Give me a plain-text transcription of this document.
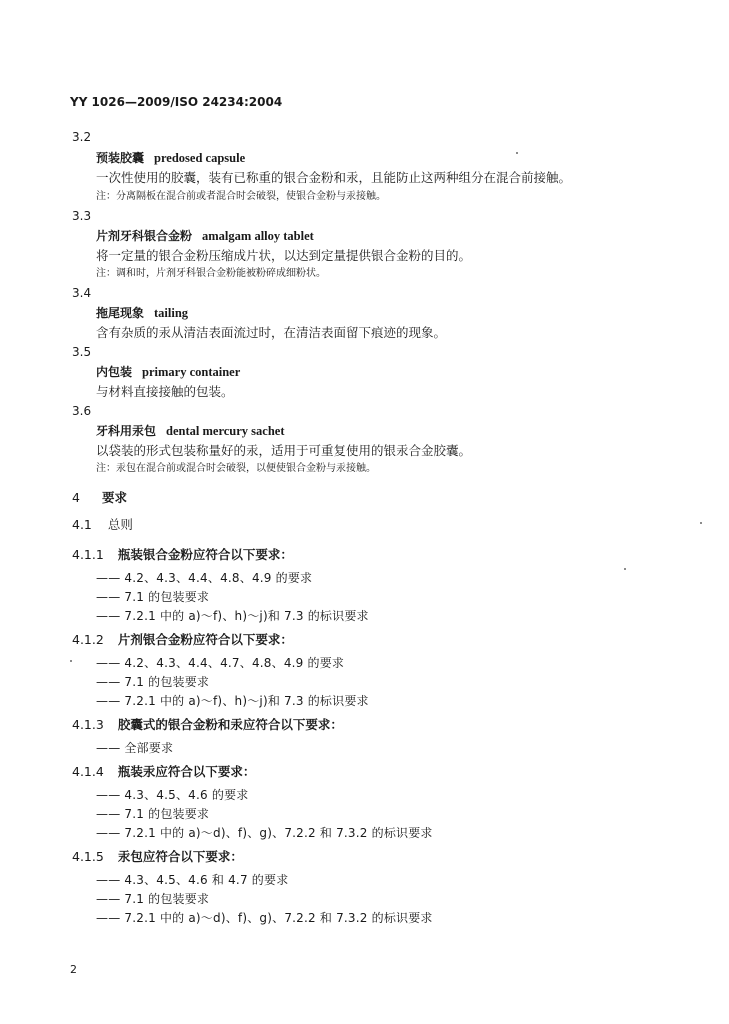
YY 1026—2009/ISO 24234:2004
3.2
预装胶囊 predosed capsule
一次性使用的胶囊，装有已称重的银合金粉和汞，且能防止这两种组分在混合前接触。
注：分离隔板在混合前或者混合时会破裂，使银合金粉与汞接触。
3.3
片剂牙科银合金粉 amalgam alloy tablet
将一定量的银合金粉压缩成片状，以达到定量提供银合金粉的目的。
注：调和时，片剂牙科银合金粉能被粉碎成细粉状。
3.4
拖尾现象 tailing
含有杂质的汞从清洁表面流过时，在清洁表面留下痕迹的现象。
3.5
内包装 primary container
与材料直接接触的包装。
3.6
牙科用汞包 dental mercury sachet
以袋装的形式包装称量好的汞，适用于可重复使用的银汞合金胶囊。
注：汞包在混合前或混合时会破裂，以便使银合金粉与汞接触。
4 要求
4.1 总则
4.1.1 瓶装银合金粉应符合以下要求：
—— 4.2、4.3、4.4、4.8、4.9 的要求
—— 7.1 的包装要求
—— 7.2.1 中的 a)～f)、h)～j)和 7.3 的标识要求
4.1.2 片剂银合金粉应符合以下要求：
—— 4.2、4.3、4.4、4.7、4.8、4.9 的要求
—— 7.1 的包装要求
—— 7.2.1 中的 a)～f)、h)～j)和 7.3 的标识要求
4.1.3 胶囊式的银合金粉和汞应符合以下要求：
—— 全部要求
4.1.4 瓶装汞应符合以下要求：
—— 4.3、4.5、4.6 的要求
—— 7.1 的包装要求
—— 7.2.1 中的 a)～d)、f)、g)、7.2.2 和 7.3.2 的标识要求
4.1.5 汞包应符合以下要求：
—— 4.3、4.5、4.6 和 4.7 的要求
—— 7.1 的包装要求
—— 7.2.1 中的 a)～d)、f)、g)、7.2.2 和 7.3.2 的标识要求
2
